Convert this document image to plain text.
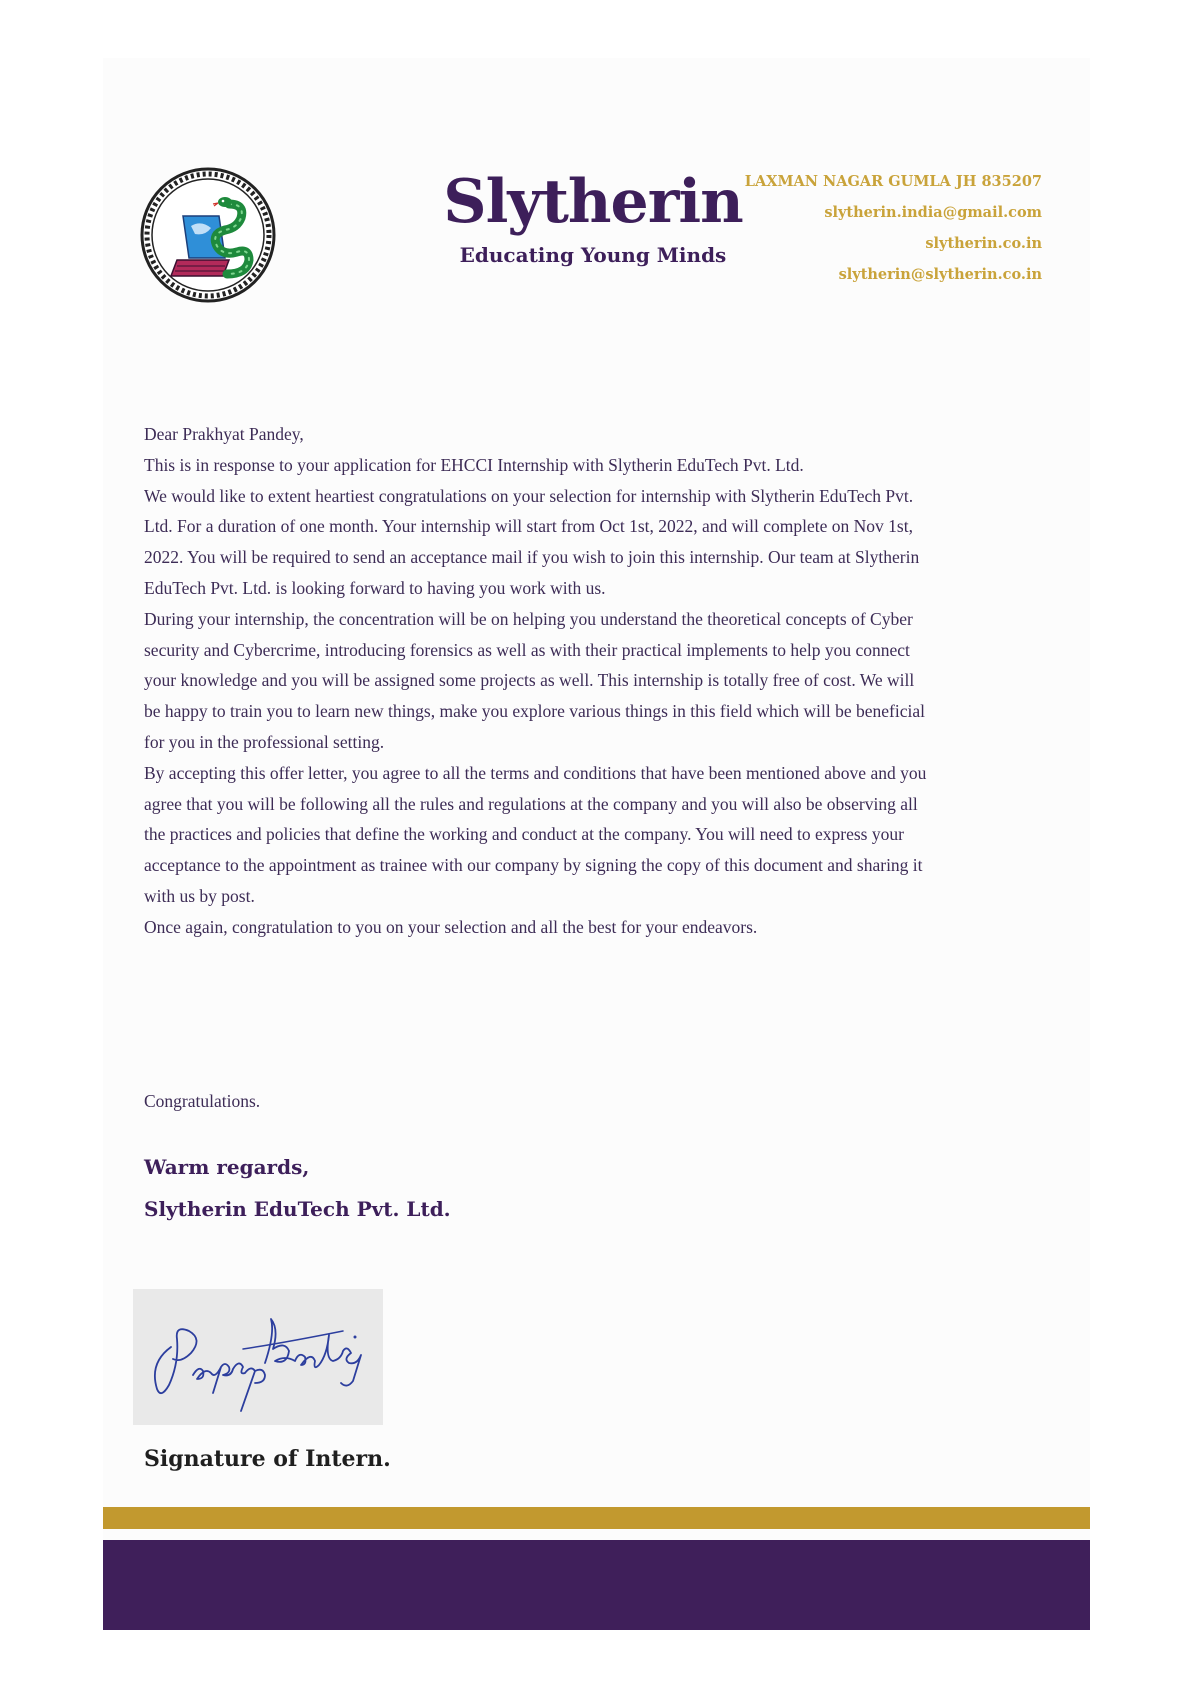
Slytherin
Educating Young Minds
LAXMAN NAGAR GUMLA JH 835207
slytherin.india@gmail.com
slytherin.co.in
slytherin@slytherin.co.in

Dear Prakhyat Pandey,

This is in response to your application for EHCCI Internship with Slytherin EduTech Pvt. Ltd.

We would like to extent heartiest congratulations on your selection for internship with Slytherin EduTech Pvt. Ltd. For a duration of one month. Your internship will start from Oct 1st, 2022, and will complete on Nov 1st, 2022. You will be required to send an acceptance mail if you wish to join this internship. Our team at Slytherin EduTech Pvt. Ltd. is looking forward to having you work with us.

During your internship, the concentration will be on helping you understand the theoretical concepts of Cyber security and Cybercrime, introducing forensics as well as with their practical implements to help you connect your knowledge and you will be assigned some projects as well. This internship is totally free of cost. We will be happy to train you to learn new things, make you explore various things in this field which will be beneficial for you in the professional setting.

By accepting this offer letter, you agree to all the terms and conditions that have been mentioned above and you agree that you will be following all the rules and regulations at the company and you will also be observing all the practices and policies that define the working and conduct at the company. You will need to express your acceptance to the appointment as trainee with our company by signing the copy of this document and sharing it with us by post.

Once again, congratulation to you on your selection and all the best for your endeavors.

Congratulations.

Warm regards,
Slytherin EduTech Pvt. Ltd.
Signature of Intern.
